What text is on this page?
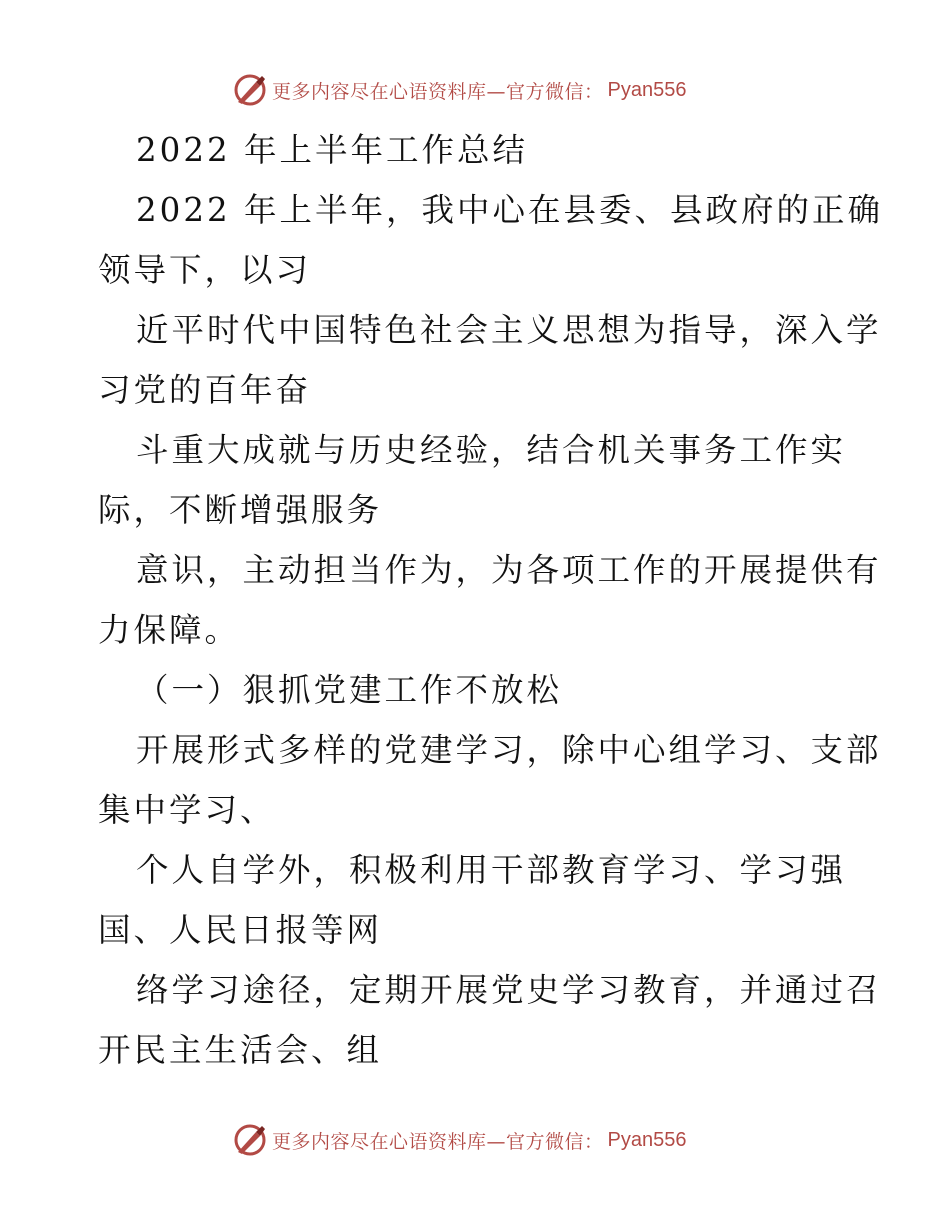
更多内容尽在心语资料库 —官方微信： Pyan556
2022 年上半年工作总结
2022 年上半年，我中心在县委、县政府的正确
领导下，以习
近平时代中国特色社会主义思想为指导，深入学
习党的百年奋
斗重大成就与历史经验，结合机关事务工作实
际，不断增强服务
意识，主动担当作为，为各项工作的开展提供有
力保障。
（一）狠抓党建工作不放松
开展形式多样的党建学习，除中心组学习、支部
集中学习、
个人自学外，积极利用干部教育学习、学习强
国、人民日报等网
络学习途径，定期开展党史学习教育，并通过召
开民主生活会、组
更多内容尽在心语资料库 —官方微信： Pyan556
